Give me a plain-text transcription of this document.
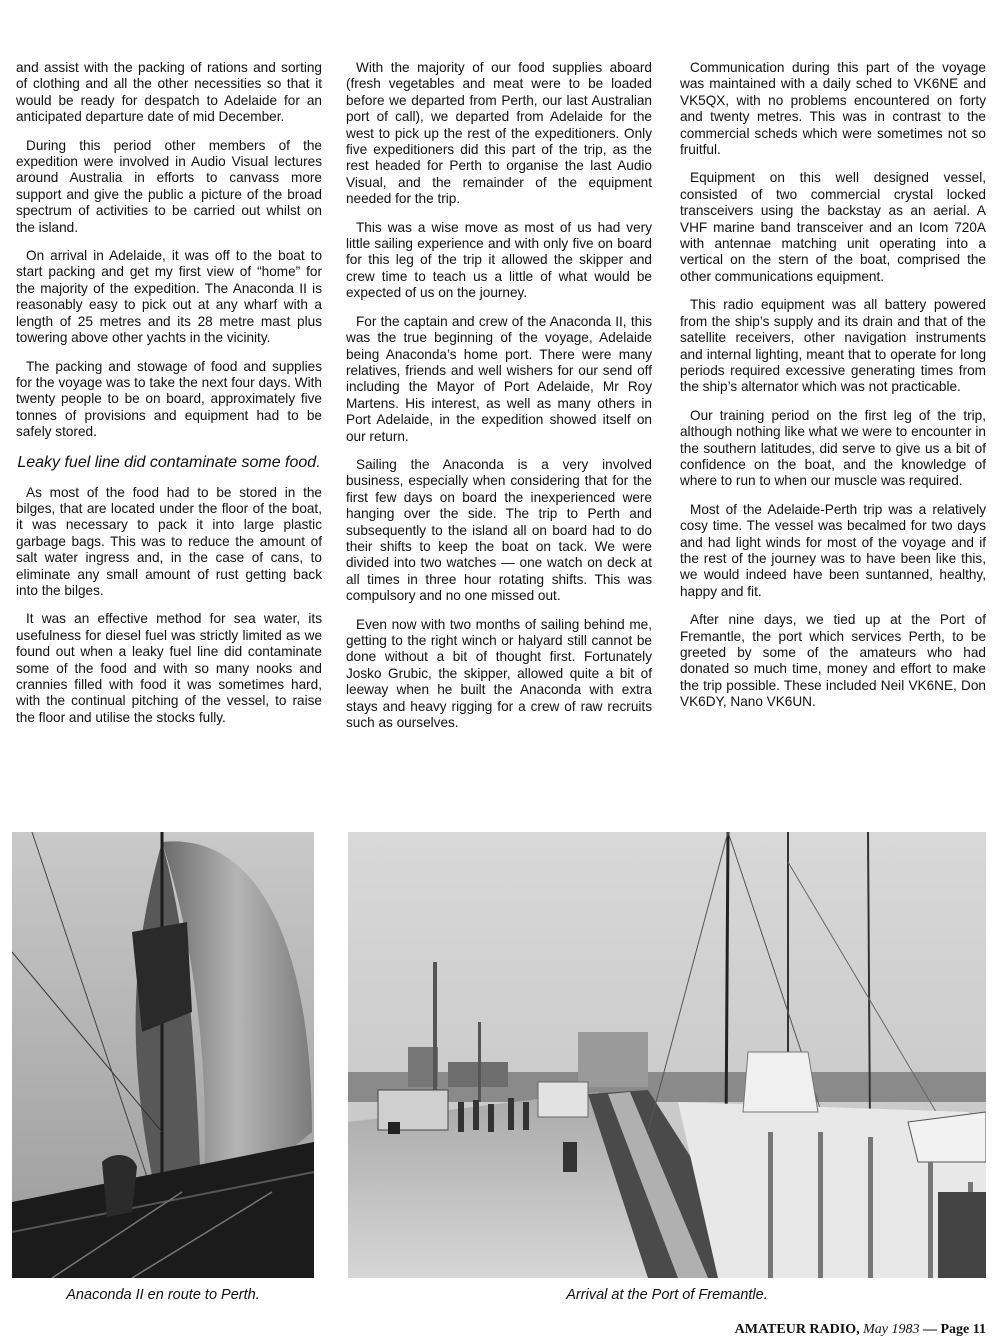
and assist with the packing of rations and sorting of clothing and all the other necessities so that it would be ready for despatch to Adelaide for an anticipated departure date of mid December.

During this period other members of the expedition were involved in Audio Visual lectures around Australia in efforts to canvass more support and give the public a picture of the broad spectrum of activities to be carried out whilst on the island.

On arrival in Adelaide, it was off to the boat to start packing and get my first view of “home” for the majority of the expedition. The Anaconda II is reasonably easy to pick out at any wharf with a length of 25 metres and its 28 metre mast plus towering above other yachts in the vicinity.

The packing and stowage of food and supplies for the voyage was to take the next four days. With twenty people to be on board, approximately five tonnes of provisions and equipment had to be safely stored.

Leaky fuel line did contaminate some food.

As most of the food had to be stored in the bilges, that are located under the floor of the boat, it was necessary to pack it into large plastic garbage bags. This was to reduce the amount of salt water ingress and, in the case of cans, to eliminate any small amount of rust getting back into the bilges.

It was an effective method for sea water, its usefulness for diesel fuel was strictly limited as we found out when a leaky fuel line did contaminate some of the food and with so many nooks and crannies filled with food it was sometimes hard, with the continual pitching of the vessel, to raise the floor and utilise the stocks fully.

With the majority of our food supplies aboard (fresh vegetables and meat were to be loaded before we departed from Perth, our last Australian port of call), we departed from Adelaide for the west to pick up the rest of the expeditioners. Only five expeditioners did this part of the trip, as the rest headed for Perth to organise the last Audio Visual, and the remainder of the equipment needed for the trip.

This was a wise move as most of us had very little sailing experience and with only five on board for this leg of the trip it allowed the skipper and crew time to teach us a little of what would be expected of us on the journey.

For the captain and crew of the Anaconda II, this was the true beginning of the voyage, Adelaide being Anaconda’s home port. There were many relatives, friends and well wishers for our send off including the Mayor of Port Adelaide, Mr Roy Martens. His interest, as well as many others in Port Adelaide, in the expedition showed itself on our return.

Sailing the Anaconda is a very involved business, especially when considering that for the first few days on board the inexperienced were hanging over the side. The trip to Perth and subsequently to the island all on board had to do their shifts to keep the boat on tack. We were divided into two watches — one watch on deck at all times in three hour rotating shifts. This was compulsory and no one missed out.

Even now with two months of sailing behind me, getting to the right winch or halyard still cannot be done without a bit of thought first. Fortunately Josko Grubic, the skipper, allowed quite a bit of leeway when he built the Anaconda with extra stays and heavy rigging for a crew of raw recruits such as ourselves.

Communication during this part of the voyage was maintained with a daily sched to VK6NE and VK5QX, with no problems encountered on forty and twenty metres. This was in contrast to the commercial scheds which were sometimes not so fruitful.

Equipment on this well designed vessel, consisted of two commercial crystal locked transceivers using the backstay as an aerial. A VHF marine band transceiver and an Icom 720A with antennae matching unit operating into a vertical on the stern of the boat, comprised the other communications equipment.

This radio equipment was all battery powered from the ship’s supply and its drain and that of the satellite receivers, other navigation instruments and internal lighting, meant that to operate for long periods required excessive generating times from the ship’s alternator which was not practicable.

Our training period on the first leg of the trip, although nothing like what we were to encounter in the southern latitudes, did serve to give us a bit of confidence on the boat, and the knowledge of where to run to when our muscle was required.

Most of the Adelaide-Perth trip was a relatively cosy time. The vessel was becalmed for two days and had light winds for most of the voyage and if the rest of the journey was to have been like this, we would indeed have been suntanned, healthy, happy and fit.

After nine days, we tied up at the Port of Fremantle, the port which services Perth, to be greeted by some of the amateurs who had donated so much time, money and effort to make the trip possible. These included Neil VK6NE, Don VK6DY, Nano VK6UN.

Anaconda II en route to Perth.	Arrival at the Port of Fremantle.
AMATEUR RADIO, May 1983 — Page 11
